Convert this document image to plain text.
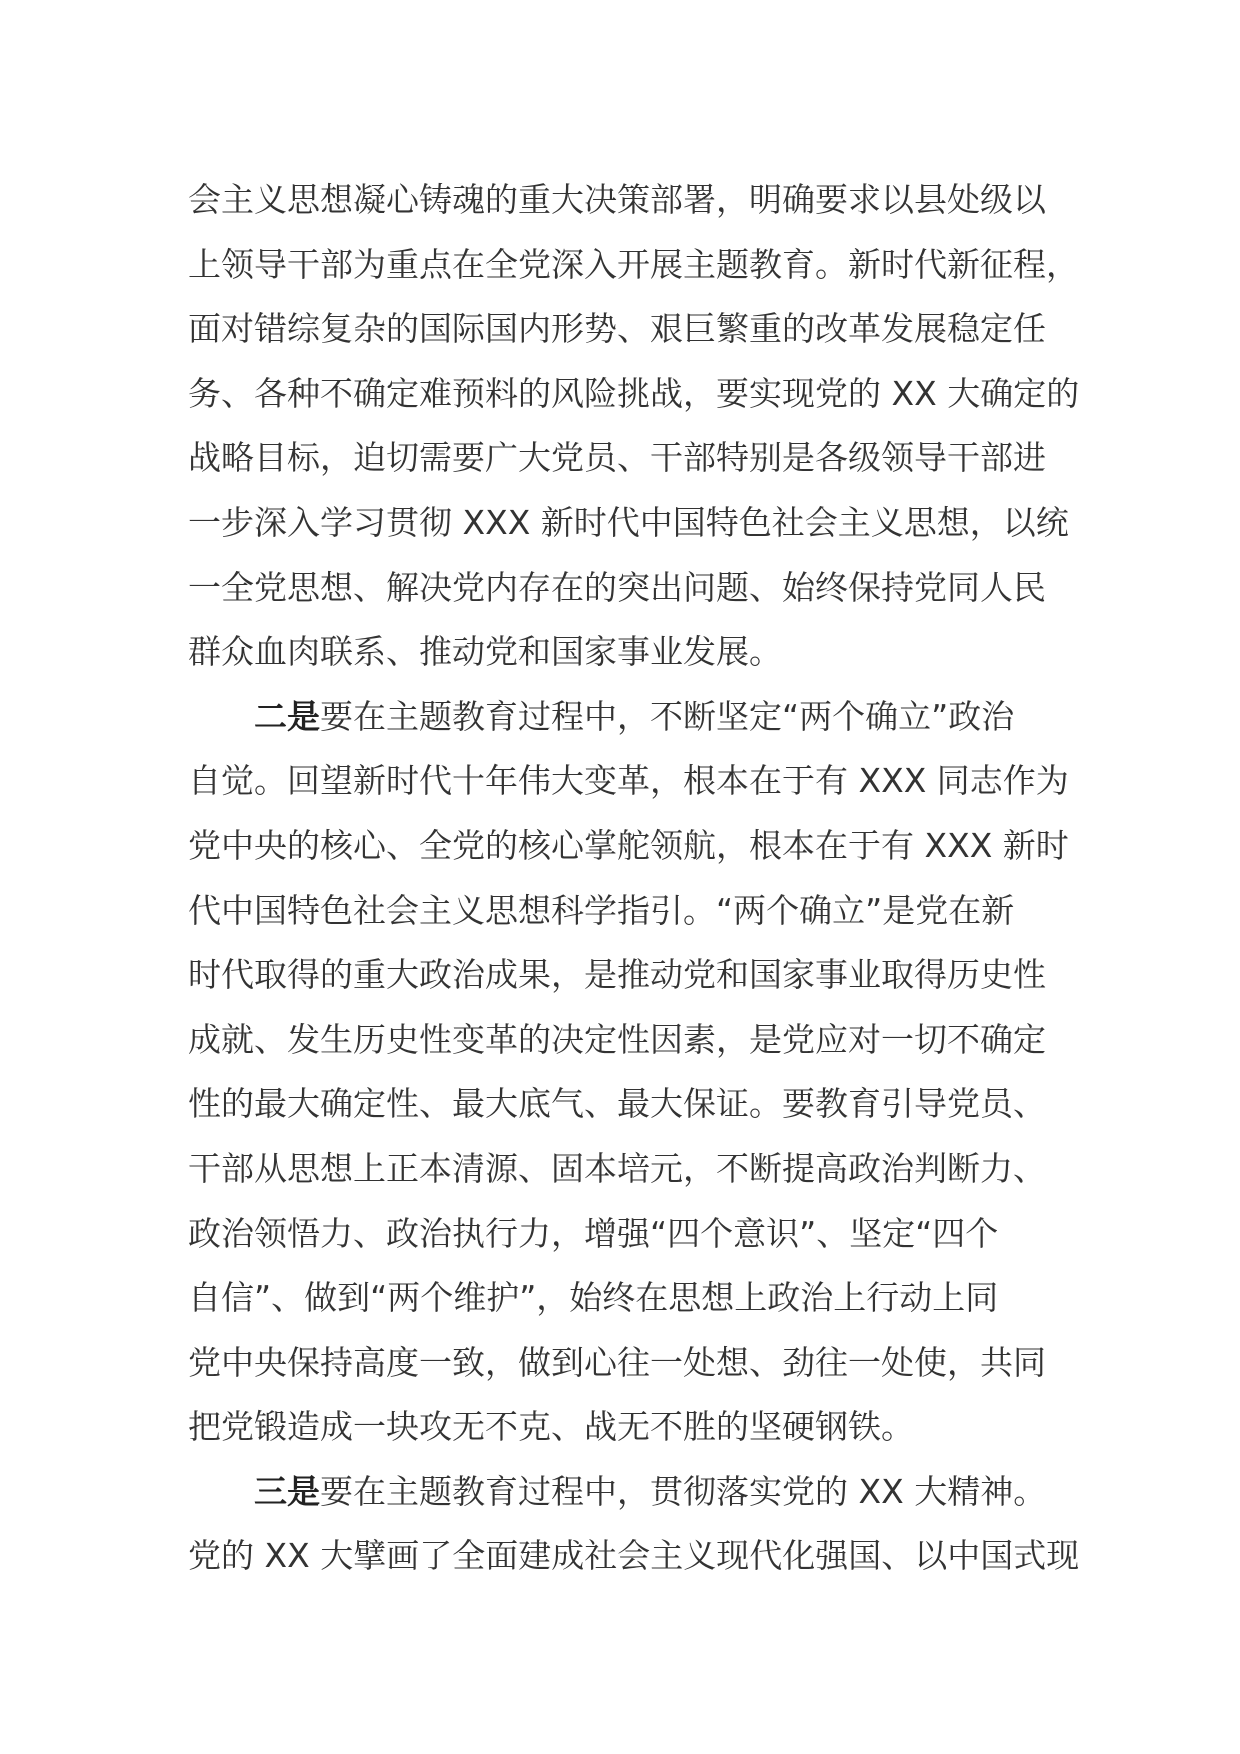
会主义思想凝心铸魂的重大决策部署，明确要求以县处级以
上领导干部为重点在全党深入开展主题教育。新时代新征程，
面对错综复杂的国际国内形势、艰巨繁重的改革发展稳定任
务、各种不确定难预料的风险挑战，要实现党的 XX 大确定的
战略目标，迫切需要广大党员、干部特别是各级领导干部进
一步深入学习贯彻 XXX 新时代中国特色社会主义思想，以统
一全党思想、解决党内存在的突出问题、始终保持党同人民
群众血肉联系、推动党和国家事业发展。
二是要在主题教育过程中，不断坚定“两个确立”政治
自觉。回望新时代十年伟大变革，根本在于有 XXX 同志作为
党中央的核心、全党的核心掌舵领航，根本在于有 XXX 新时
代中国特色社会主义思想科学指引。“两个确立”是党在新
时代取得的重大政治成果，是推动党和国家事业取得历史性
成就、发生历史性变革的决定性因素，是党应对一切不确定
性的最大确定性、最大底气、最大保证。要教育引导党员、
干部从思想上正本清源、固本培元，不断提高政治判断力、
政治领悟力、政治执行力，增强“四个意识”、坚定“四个
自信”、做到“两个维护”，始终在思想上政治上行动上同
党中央保持高度一致，做到心往一处想、劲往一处使，共同
把党锻造成一块攻无不克、战无不胜的坚硬钢铁。
三是要在主题教育过程中，贯彻落实党的 XX 大精神。
党的 XX 大擘画了全面建成社会主义现代化强国、以中国式现
